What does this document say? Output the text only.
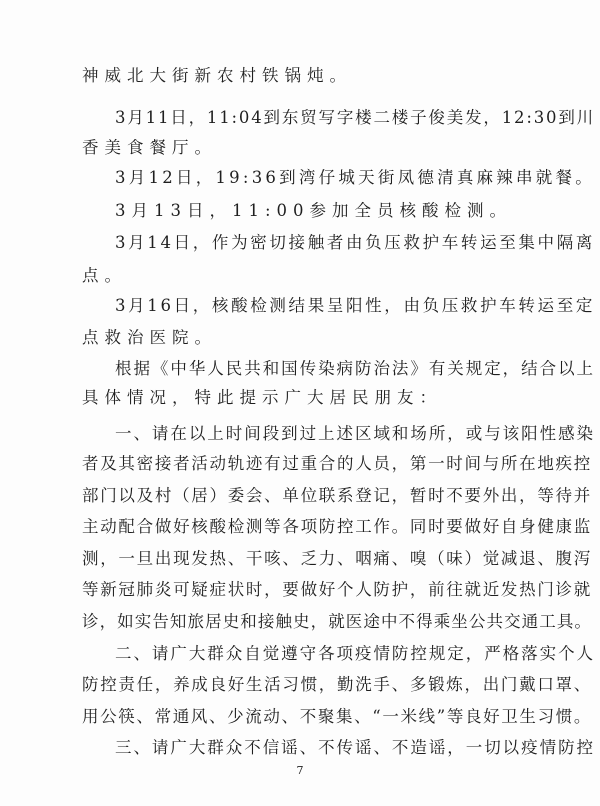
神威北大街新农村铁锅炖。

3月11日，11:04到东贸写字楼二楼子俊美发，12:30到川

香美食餐厅。

3月12日，19:36到湾仔城天街凤德清真麻辣串就餐。

3月13日，11:00参加全员核酸检测。

3月14日，作为密切接触者由负压救护车转运至集中隔离

点。

3月16日，核酸检测结果呈阳性，由负压救护车转运至定

点救治医院。

根据《中华人民共和国传染病防治法》有关规定，结合以上

具体情况，特此提示广大居民朋友：

一、请在以上时间段到过上述区域和场所，或与该阳性感染

者及其密接者活动轨迹有过重合的人员，第一时间与所在地疾控

部门以及村（居）委会、单位联系登记，暂时不要外出，等待并

主动配合做好核酸检测等各项防控工作。同时要做好自身健康监

测，一旦出现发热、干咳、乏力、咽痛、嗅（味）觉减退、腹泻

等新冠肺炎可疑症状时，要做好个人防护，前往就近发热门诊就

诊，如实告知旅居史和接触史，就医途中不得乘坐公共交通工具。

二、请广大群众自觉遵守各项疫情防控规定，严格落实个人

防控责任，养成良好生活习惯，勤洗手、多锻炼，出门戴口罩、

用公筷、常通风、少流动、不聚集、“一米线”等良好卫生习惯。

三、请广大群众不信谣、不传谣、不造谣，一切以疫情防控

7
